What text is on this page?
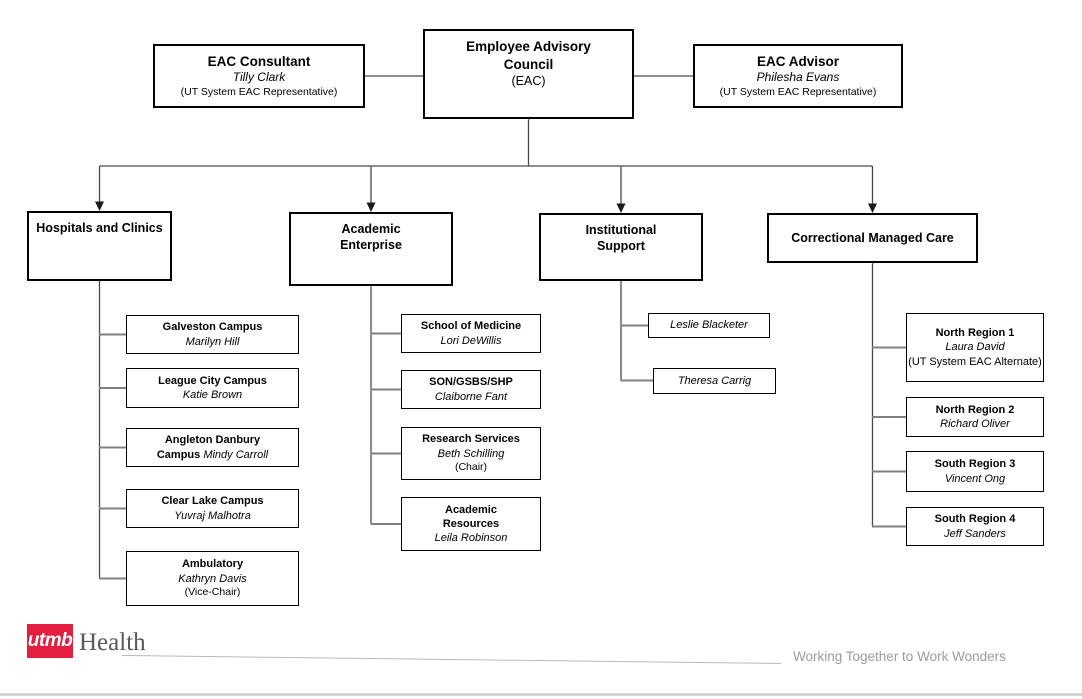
EAC Consultant
Tilly Clark
(UT System EAC Representative)
Employee Advisory Council
(EAC)
EAC Advisor
Philesha Evans
(UT System EAC Representative)
Hospitals and Clinics	Academic Enterprise
Institutional Support
Correctional Managed Care
Galveston Campus
Marilyn Hill
League City Campus
Katie Brown
Angleton Danbury Campus Mindy Carroll
Clear Lake Campus
Yuvraj Malhotra
Ambulatory
Kathryn Davis
(Vice-Chair)
School of Medicine
Lori DeWillis
SON/GSBS/SHP
Claiborne Fant
Research Services
Beth Schilling
(Chair)
Academic Resources
Leila Robinson
Leslie Blacketer
Theresa Carrig
North Region 1
Laura David
(UT System EAC Alternate)
North Region 2
Richard Oliver
South Region 3
Vincent Ong
South Region 4
Jeff Sanders
utmb Health
Working Together to Work Wonders
